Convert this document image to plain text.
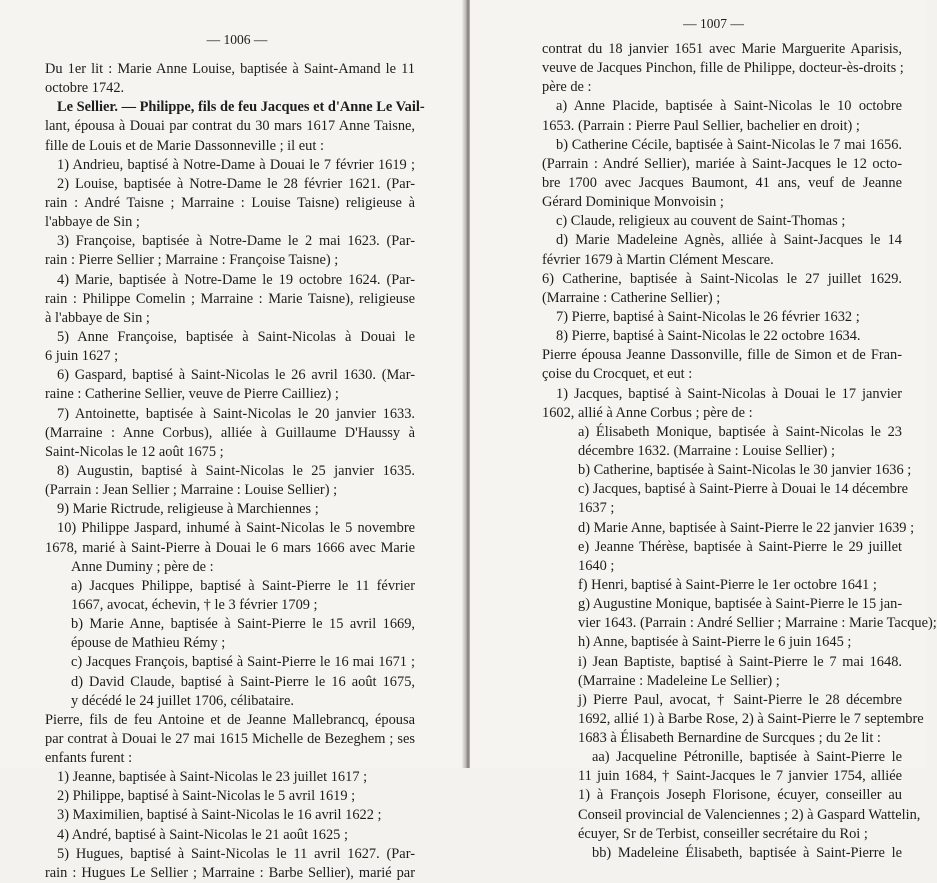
— 1006 —
Du 1er lit : Marie Anne Louise, baptisée à Saint-Amand le 11
octobre 1742.
Le Sellier. — Philippe, fils de feu Jacques et d'Anne Le Vail-
lant, épousa à Douai par contrat du 30 mars 1617 Anne Taisne,
fille de Louis et de Marie Dassonneville ; il eut :
1) Andrieu, baptisé à Notre-Dame à Douai le 7 février 1619 ;
2) Louise, baptisée à Notre-Dame le 28 février 1621. (Par-
rain : André Taisne ; Marraine : Louise Taisne) religieuse à
l'abbaye de Sin ;
3) Françoise, baptisée à Notre-Dame le 2 mai 1623. (Par-
rain : Pierre Sellier ; Marraine : Françoise Taisne) ;
4) Marie, baptisée à Notre-Dame le 19 octobre 1624. (Par-
rain : Philippe Comelin ; Marraine : Marie Taisne), religieuse
à l'abbaye de Sin ;
5) Anne Françoise, baptisée à Saint-Nicolas à Douai le
6 juin 1627 ;
6) Gaspard, baptisé à Saint-Nicolas le 26 avril 1630. (Mar-
raine : Catherine Sellier, veuve de Pierre Cailliez) ;
7) Antoinette, baptisée à Saint-Nicolas le 20 janvier 1633.
(Marraine : Anne Corbus), alliée à Guillaume D'Haussy à
Saint-Nicolas le 12 août 1675 ;
8) Augustin, baptisé à Saint-Nicolas le 25 janvier 1635.
(Parrain : Jean Sellier ; Marraine : Louise Sellier) ;
9) Marie Rictrude, religieuse à Marchiennes ;
10) Philippe Jaspard, inhumé à Saint-Nicolas le 5 novembre
1678, marié à Saint-Pierre à Douai le 6 mars 1666 avec Marie
Anne Duminy ; père de :
a) Jacques Philippe, baptisé à Saint-Pierre le 11 février
1667, avocat, échevin, † le 3 février 1709 ;
b) Marie Anne, baptisée à Saint-Pierre le 15 avril 1669,
épouse de Mathieu Rémy ;
c) Jacques François, baptisé à Saint-Pierre le 16 mai 1671 ;
d) David Claude, baptisé à Saint-Pierre le 16 août 1675,
y décédé le 24 juillet 1706, célibataire.
Pierre, fils de feu Antoine et de Jeanne Mallebrancq, épousa
par contrat à Douai le 27 mai 1615 Michelle de Bezeghem ; ses
enfants furent :
1) Jeanne, baptisée à Saint-Nicolas le 23 juillet 1617 ;
2) Philippe, baptisé à Saint-Nicolas le 5 avril 1619 ;
3) Maximilien, baptisé à Saint-Nicolas le 16 avril 1622 ;
4) André, baptisé à Saint-Nicolas le 21 août 1625 ;
5) Hugues, baptisé à Saint-Nicolas le 11 avril 1627. (Par-
rain : Hugues Le Sellier ; Marraine : Barbe Sellier), marié par
— 1007 —
contrat du 18 janvier 1651 avec Marie Marguerite Aparisis,
veuve de Jacques Pinchon, fille de Philippe, docteur-ès-droits ;
père de :
a) Anne Placide, baptisée à Saint-Nicolas le 10 octobre
1653. (Parrain : Pierre Paul Sellier, bachelier en droit) ;
b) Catherine Cécile, baptisée à Saint-Nicolas le 7 mai 1656.
(Parrain : André Sellier), mariée à Saint-Jacques le 12 octo-
bre 1700 avec Jacques Baumont, 41 ans, veuf de Jeanne
Gérard Dominique Monvoisin ;
c) Claude, religieux au couvent de Saint-Thomas ;
d) Marie Madeleine Agnès, alliée à Saint-Jacques le 14
février 1679 à Martin Clément Mescare.
6) Catherine, baptisée à Saint-Nicolas le 27 juillet 1629.
(Marraine : Catherine Sellier) ;
7) Pierre, baptisé à Saint-Nicolas le 26 février 1632 ;
8) Pierre, baptisé à Saint-Nicolas le 22 octobre 1634.
Pierre épousa Jeanne Dassonville, fille de Simon et de Fran-
çoise du Crocquet, et eut :
1) Jacques, baptisé à Saint-Nicolas à Douai le 17 janvier
1602, allié à Anne Corbus ; père de :
a) Élisabeth Monique, baptisée à Saint-Nicolas le 23
décembre 1632. (Marraine : Louise Sellier) ;
b) Catherine, baptisée à Saint-Nicolas le 30 janvier 1636 ;
c) Jacques, baptisé à Saint-Pierre à Douai le 14 décembre
1637 ;
d) Marie Anne, baptisée à Saint-Pierre le 22 janvier 1639 ;
e) Jeanne Thérèse, baptisée à Saint-Pierre le 29 juillet
1640 ;
f) Henri, baptisé à Saint-Pierre le 1er octobre 1641 ;
g) Augustine Monique, baptisée à Saint-Pierre le 15 jan-
vier 1643. (Parrain : André Sellier ; Marraine : Marie Tacque);
h) Anne, baptisée à Saint-Pierre le 6 juin 1645 ;
i) Jean Baptiste, baptisé à Saint-Pierre le 7 mai 1648.
(Marraine : Madeleine Le Sellier) ;
j) Pierre Paul, avocat, † Saint-Pierre le 28 décembre
1692, allié 1) à Barbe Rose, 2) à Saint-Pierre le 7 septembre
1683 à Élisabeth Bernardine de Surcques ; du 2e lit :
aa) Jacqueline Pétronille, baptisée à Saint-Pierre le
11 juin 1684, † Saint-Jacques le 7 janvier 1754, alliée
1) à François Joseph Florisone, écuyer, conseiller au
Conseil provincial de Valenciennes ; 2) à Gaspard Wattelin,
écuyer, Sr de Terbist, conseiller secrétaire du Roi ;
bb) Madeleine Élisabeth, baptisée à Saint-Pierre le
